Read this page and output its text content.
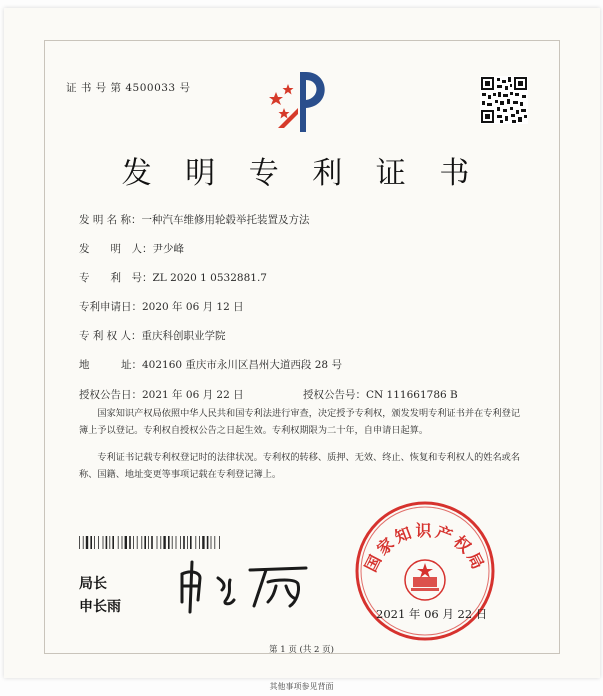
证 书 号 第 4500033 号
发 明 专 利 证 书
发 明 名 称：一种汽车维修用轮毂举托装置及方法
发　　明　人：尹少峰
专　　利　号：ZL 2020 1 0532881.7
专利申请日：2020 年 06 月 12 日
专 利 权 人：重庆科创职业学院
地　　　址：402160 重庆市永川区昌州大道西段 28 号
授权公告日：2021 年 06 月 22 日	授权公告号：CN 111661786 B
国家知识产权局依照中华人民共和国专利法进行审查，决定授予专利权，颁发发明专利证书并在专利登记簿上予以登记。专利权自授权公告之日起生效。专利权期限为二十年，自申请日起算。
专利证书记载专利权登记时的法律状况。专利权的转移、质押、无效、终止、恢复和专利权人的姓名或名称、国籍、地址变更等事项记载在专利登记簿上。
局长
申长雨
国家知识产权局
2021 年 06 月 22 日
第 1 页 (共 2 页)
其他事项参见背面
